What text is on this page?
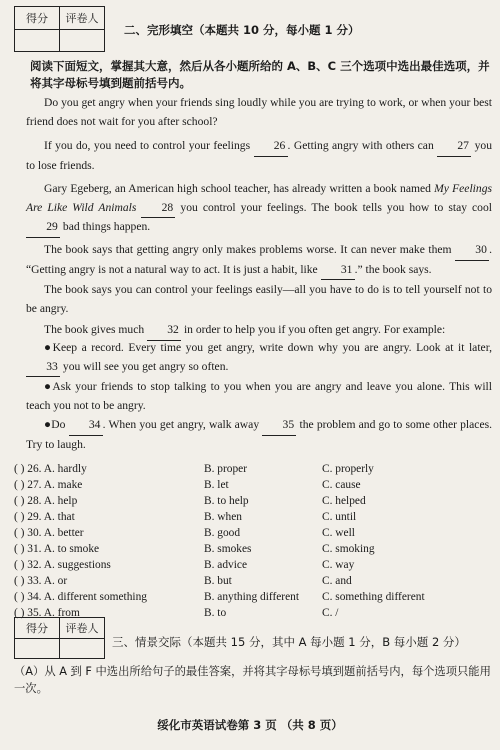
得分	评卷人
二、完形填空（本题共 10 分，每小题 1 分）
阅读下面短文，掌握其大意，然后从各小题所给的 A、B、C 三个选项中选出最佳选项，并将其字母标号填到题前括号内。
Do you get angry when your friends sing loudly while you are trying to work, or when your best friend does not wait for you after school?
If you do, you need to control your feelings 26 . Getting angry with others can 27 you to lose friends.
Gary Egeberg, an American high school teacher, has already written a book named My Feelings Are Like Wild Animals 28 you control your feelings. The book tells you how to stay cool 29 bad things happen.
The book says that getting angry only makes problems worse. It can never make them 30 . “Getting angry is not a natural way to act. It is just a habit, like 31 .” the book says.
The book says you can control your feelings easily—all you have to do is to tell yourself not to be angry.
The book gives much 32 in order to help you if you often get angry. For example:
●Keep a record. Every time you get angry, write down why you are angry. Look at it later, 33 you will see you get angry so often.
●Ask your friends to stop talking to you when you are angry and leave you alone. This will teach you not to be angry.
●Do 34 . When you get angry, walk away 35 the problem and go to some other places. Try to laugh.
( ) 26. A. hardly	B. proper	C. properly
( ) 27. A. make	B. let	C. cause
( ) 28. A. help	B. to help	C. helped
( ) 29. A. that	B. when	C. until
( ) 30. A. better	B. good	C. well
( ) 31. A. to smoke	B. smokes	C. smoking
( ) 32. A. suggestions	B. advice	C. way
( ) 33. A. or	B. but	C. and
( ) 34. A. different something	B. anything different	C. something different
( ) 35. A. from	B. to	C. /
得分	评卷人
三、情景交际（本题共 15 分，其中 A 每小题 1 分，B 每小题 2 分）
（A）从 A 到 F 中选出所给句子的最佳答案，并将其字母标号填到题前括号内，每个选项只能用一次。
绥化市英语试卷第 3 页 （共 8 页）
